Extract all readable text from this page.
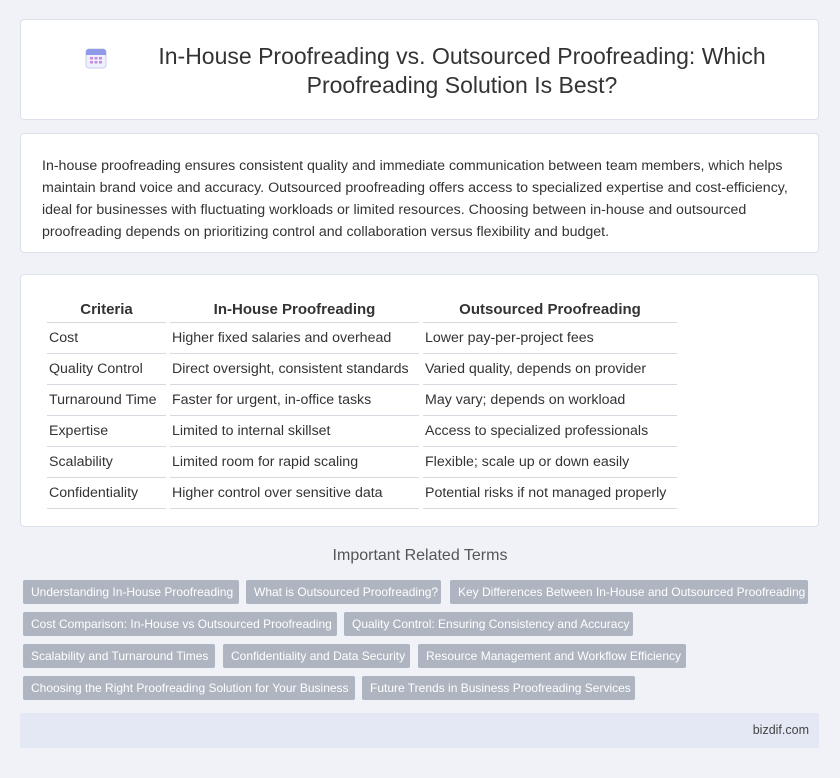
In-House Proofreading vs. Outsourced Proofreading: Which Proofreading Solution Is Best?

In-house proofreading ensures consistent quality and immediate communication between team members, which helps maintain brand voice and accuracy. Outsourced proofreading offers access to specialized expertise and cost-efficiency, ideal for businesses with fluctuating workloads or limited resources. Choosing between in-house and outsourced proofreading depends on prioritizing control and collaboration versus flexibility and budget.

Criteria	In-House Proofreading	Outsourced Proofreading
Cost	Higher fixed salaries and overhead	Lower pay-per-project fees
Quality Control	Direct oversight, consistent standards	Varied quality, depends on provider
Turnaround Time	Faster for urgent, in-office tasks	May vary; depends on workload
Expertise	Limited to internal skillset	Access to specialized professionals
Scalability	Limited room for rapid scaling	Flexible; scale up or down easily
Confidentiality	Higher control over sensitive data	Potential risks if not managed properly
Important Related Terms
Understanding In-House Proofreading	What is Outsourced Proofreading?	Key Differences Between In-House and Outsourced Proofreading
Cost Comparison: In-House vs Outsourced Proofreading	Quality Control: Ensuring Consistency and Accuracy
Scalability and Turnaround Times	Confidentiality and Data Security	Resource Management and Workflow Efficiency
Choosing the Right Proofreading Solution for Your Business	Future Trends in Business Proofreading Services
bizdif.com
